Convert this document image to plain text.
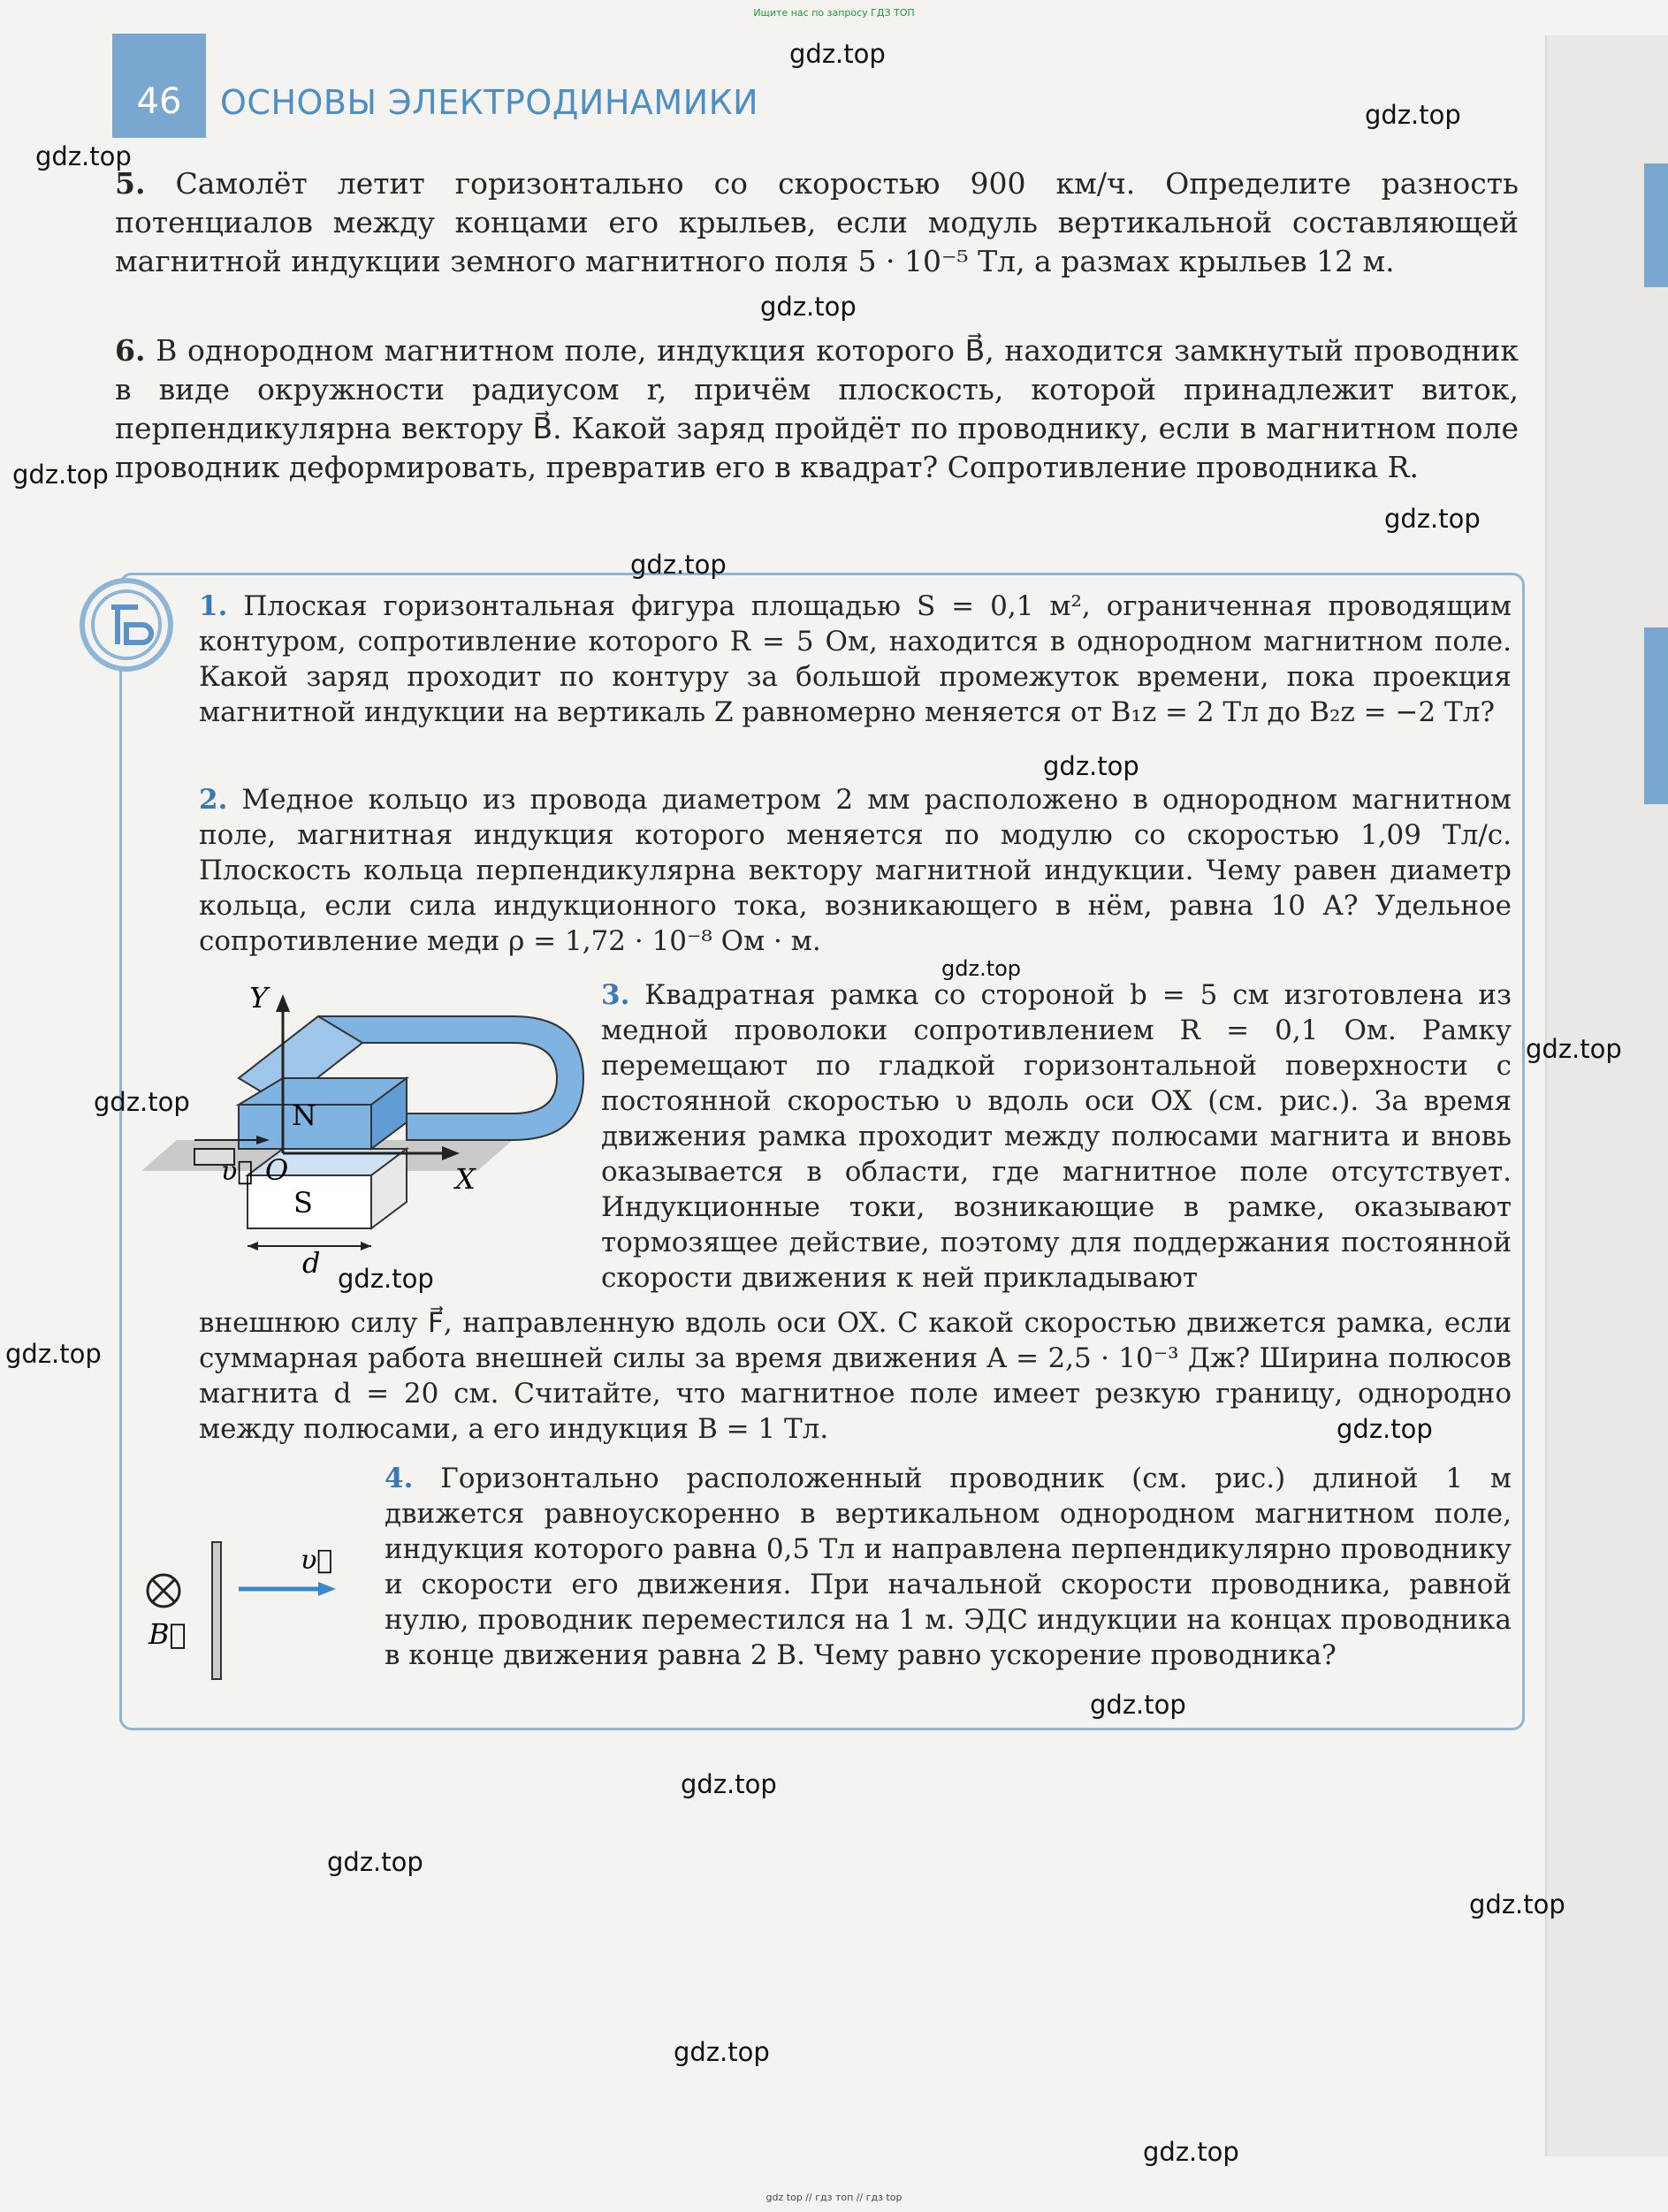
Ищите нас по запросу ГДЗ ТОП
46 ОСНОВЫ ЭЛЕКТРОДИНАМИКИ
5. Самолёт летит горизонтально со скоростью 900 км/ч. Определите разность потенциалов между концами его крыльев, если модуль вертикальной составляющей магнитной индукции земного магнитного поля 5 · 10⁻⁵ Тл, а размах крыльев 12 м.
6. В однородном магнитном поле, индукция которого B⃗, находится замкнутый проводник в виде окружности радиусом r, причём плоскость, которой принадлежит виток, перпендикулярна вектору B⃗. Какой заряд пройдёт по проводнику, если в магнитном поле проводник деформировать, превратив его в квадрат? Сопротивление проводника R.
1. Плоская горизонтальная фигура площадью S = 0,1 м², ограниченная проводящим контуром, сопротивление которого R = 5 Ом, находится в однородном магнитном поле. Какой заряд проходит по контуру за большой промежуток времени, пока проекция магнитной индукции на вертикаль Z равномерно меняется от B₁z = 2 Тл до B₂z = −2 Тл?
2. Медное кольцо из провода диаметром 2 мм расположено в однородном магнитном поле, магнитная индукция которого меняется по модулю со скоростью 1,09 Тл/с. Плоскость кольца перпендикулярна вектору магнитной индукции. Чему равен диаметр кольца, если сила индукционного тока, возникающего в нём, равна 10 А? Удельное сопротивление меди ρ = 1,72 · 10⁻⁸ Ом · м.
Y
X
O
N
S
υ⃗
d
3. Квадратная рамка со стороной b = 5 см изготовлена из медной проволоки сопротивлением R = 0,1 Ом. Рамку перемещают по гладкой горизонтальной поверхности с постоянной скоростью υ вдоль оси OX (см. рис.). За время движения рамка проходит между полюсами магнита и вновь оказывается в области, где магнитное поле отсутствует. Индукционные токи, возникающие в рамке, оказывают тормозящее действие, поэтому для поддержания постоянной скорости движения к ней прикладывают
внешнюю силу F⃗, направленную вдоль оси OX. С какой скоростью движется рамка, если суммарная работа внешней силы за время движения A = 2,5 · 10⁻³ Дж? Ширина полюсов магнита d = 20 см. Считайте, что магнитное поле имеет резкую границу, однородно между полюсами, а его индукция B = 1 Тл.
B⃗
υ⃗
4. Горизонтально расположенный проводник (см. рис.) длиной 1 м движется равноускоренно в вертикальном однородном магнитном поле, индукция которого равна 0,5 Тл и направлена перпендикулярно проводнику и скорости его движения. При начальной скорости проводника, равной нулю, проводник переместился на 1 м. ЭДС индукции на концах проводника в конце движения равна 2 В. Чему равно ускорение проводника?
gdz.top
gdz.top
gdz.top
gdz.top
gdz.top
gdz.top
gdz.top
gdz.top
gdz.top
gdz.top
gdz.top
gdz.top
gdz.top
gdz.top
gdz.top
gdz.top
gdz.top
gdz.top
gdz.top
gdz.top
gdz top // гдз топ // гдз top
